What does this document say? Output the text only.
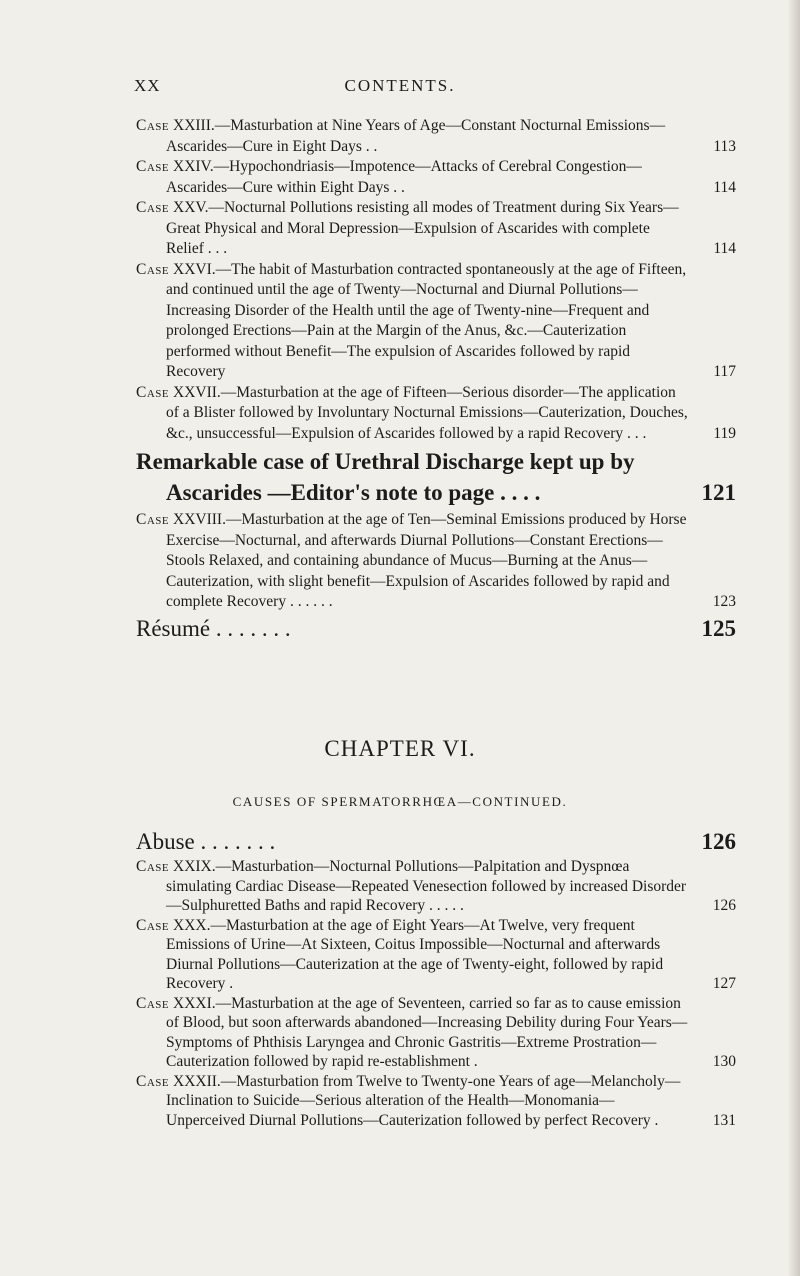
XX	CONTENTS.
Case XXIII.—Masturbation at Nine Years of Age—Constant Nocturnal Emissions—Ascarides—Cure in Eight Days . .	113
Case XXIV.—Hypochondriasis—Impotence—Attacks of Cerebral Congestion—Ascarides—Cure within Eight Days . .	114
Case XXV.—Nocturnal Pollutions resisting all modes of Treatment during Six Years—Great Physical and Moral Depression—Expulsion of Ascarides with complete Relief . . .	114
Case XXVI.—The habit of Masturbation contracted spontaneously at the age of Fifteen, and continued until the age of Twenty—Nocturnal and Diurnal Pollutions—Increasing Disorder of the Health until the age of Twenty-nine—Frequent and prolonged Erections—Pain at the Margin of the Anus, &c.—Cauterization performed without Benefit—The expulsion of Ascarides followed by rapid Recovery	117
Case XXVII.—Masturbation at the age of Fifteen—Serious disorder—The application of a Blister followed by Involuntary Nocturnal Emissions—Cauterization, Douches, &c., unsuccessful—Expulsion of Ascarides followed by a rapid Recovery . . .	119
Remarkable case of Urethral Discharge kept up by Ascarides —Editor's note to page . . . .	121
Case XXVIII.—Masturbation at the age of Ten—Seminal Emissions produced by Horse Exercise—Nocturnal, and afterwards Diurnal Pollutions—Constant Erections—Stools Relaxed, and containing abundance of Mucus—Burning at the Anus—Cauterization, with slight benefit—Expulsion of Ascarides followed by rapid and complete Recovery . . . . . .	123
Résumé . . . . . . .	125
CHAPTER VI.
CAUSES OF SPERMATORRHŒA—CONTINUED.
Abuse . . . . . . .	126
Case XXIX.—Masturbation—Nocturnal Pollutions—Palpitation and Dyspnœa simulating Cardiac Disease—Repeated Venesection followed by increased Disorder—Sulphuretted Baths and rapid Recovery . . . . .	126
Case XXX.—Masturbation at the age of Eight Years—At Twelve, very frequent Emissions of Urine—At Sixteen, Coitus Impossible—Nocturnal and afterwards Diurnal Pollutions—Cauterization at the age of Twenty-eight, followed by rapid Recovery .	127
Case XXXI.—Masturbation at the age of Seventeen, carried so far as to cause emission of Blood, but soon afterwards abandoned—Increasing Debility during Four Years—Symptoms of Phthisis Laryngea and Chronic Gastritis—Extreme Prostration—Cauterization followed by rapid re-establishment .	130
Case XXXII.—Masturbation from Twelve to Twenty-one Years of age—Melancholy—Inclination to Suicide—Serious alteration of the Health—Monomania—Unperceived Diurnal Pollutions—Cauterization followed by perfect Recovery .	131
